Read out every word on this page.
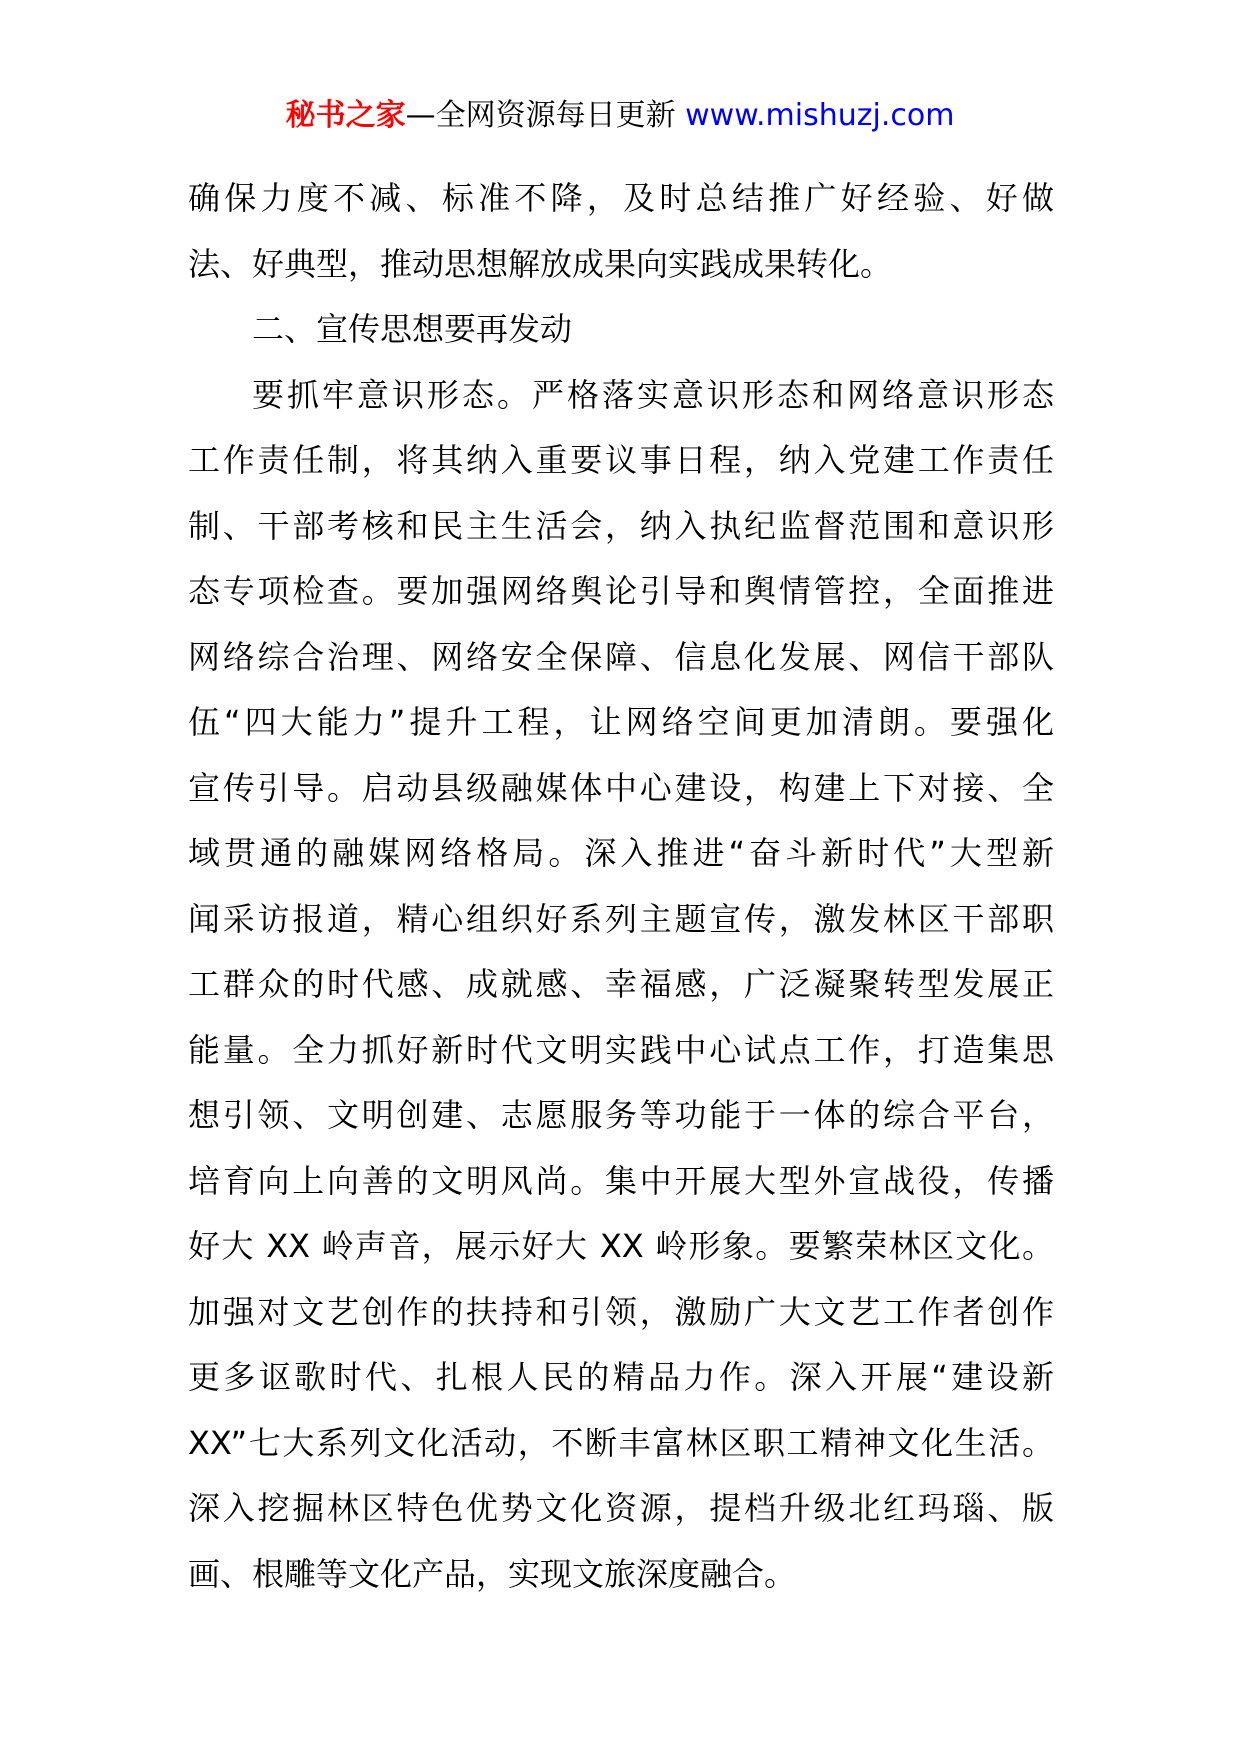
秘书之家—全网资源每日更新 www.mishuzj.com
确保力度不减、标准不降，及时总结推广好经验、好做
法、好典型，推动思想解放成果向实践成果转化。
二、宣传思想要再发动
要抓牢意识形态。严格落实意识形态和网络意识形态
工作责任制，将其纳入重要议事日程，纳入党建工作责任
制、干部考核和民主生活会，纳入执纪监督范围和意识形
态专项检查。要加强网络舆论引导和舆情管控，全面推进
网络综合治理、网络安全保障、信息化发展、网信干部队
伍“四大能力”提升工程，让网络空间更加清朗。要强化
宣传引导。启动县级融媒体中心建设，构建上下对接、全
域贯通的融媒网络格局。深入推进“奋斗新时代”大型新
闻采访报道，精心组织好系列主题宣传，激发林区干部职
工群众的时代感、成就感、幸福感，广泛凝聚转型发展正
能量。全力抓好新时代文明实践中心试点工作，打造集思
想引领、文明创建、志愿服务等功能于一体的综合平台，
培育向上向善的文明风尚。集中开展大型外宣战役，传播
好大 XX 岭声音，展示好大 XX 岭形象。要繁荣林区文化。
加强对文艺创作的扶持和引领，激励广大文艺工作者创作
更多讴歌时代、扎根人民的精品力作。深入开展“建设新
XX”七大系列文化活动，不断丰富林区职工精神文化生活。
深入挖掘林区特色优势文化资源，提档升级北红玛瑙、版
画、根雕等文化产品，实现文旅深度融合。
